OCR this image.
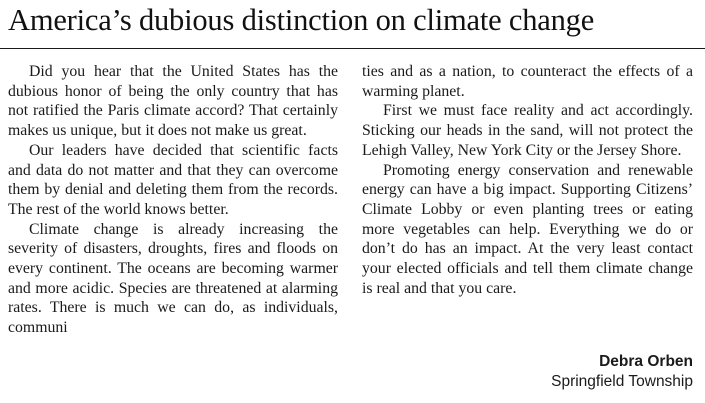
America’s dubious distinction on climate change

Did you hear that the United States has the dubious honor of being the only country that has not ratified the Paris climate accord? That certainly makes us unique, but it does not make us great.

Our leaders have decided that scientific facts and data do not matter and that they can overcome them by denial and deleting them from the records. The rest of the world knows better.

Climate change is already increasing the severity of disasters, droughts, fires and floods on every continent. The oceans are becoming warmer and more acidic. Species are threatened at alarming rates. There is much we can do, as individuals, communi

ties and as a nation, to counteract the effects of a warming planet.

First we must face reality and act accordingly. Sticking our heads in the sand, will not protect the Lehigh Valley, New York City or the Jersey Shore.

Promoting energy conservation and renewable energy can have a big impact. Supporting Citizens’ Climate Lobby or even planting trees or eating more vegetables can help. Everything we do or don’t do has an impact. At the very least contact your elected officials and tell them climate change is real and that you care.

Debra Orben
Springfield Township
